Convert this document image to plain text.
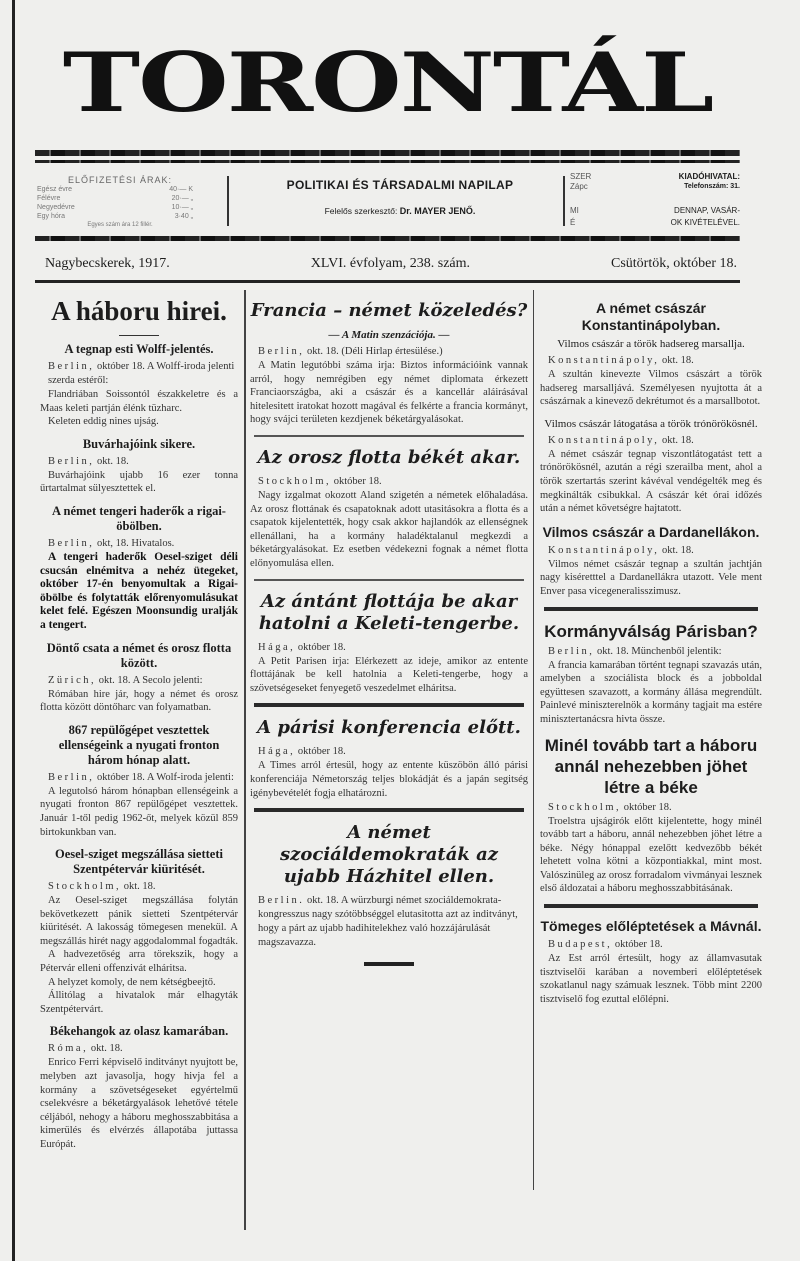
TORONTÁL
ELŐFIZETÉSI ÁRAK:
Egész évre	40·— K
Félévre	20·— „
Negyedévre	10·— „
Egy hóra	3·40 „
Egyes szám ára 12 fillér.
POLITIKAI ÉS TÁRSADALMI NAPILAP
Felelős szerkesztő: Dr. MAYER JENŐ.
SZER
Zápc
MI
É
KIADÓHIVATAL:
Telefonszám: 31.
DENNAP, VASÁR-
OK KIVÉTELÉVEL.
Nagybecskerek, 1917.	XLVI. évfolyam, 238. szám.	Csütörtök, október 18.
A háboru hirei.
A tegnap esti Wolff-jelentés.
Berlin, október 18. A Wolff-iroda jelenti szerda estéről:

Flandriában Soissontól északkeletre és a Maas keleti partján élénk tüzharc.

Keleten eddig nines ujság.

Buvárhajóink sikere.
Berlin, okt. 18.

Buvárhajóink ujabb 16 ezer tonna űrtartalmat sülyesztettek el.

A német tengeri haderők a rigai-öbölben.
Berlin, okt, 18. Hivatalos.

A tengeri haderők Oesel-sziget déli csucsán elnémitva a nehéz ütegeket, október 17-én benyomultak a Rigai-öbölbe és folytatták előrenyomulásukat kelet felé. Egészen Moonsundig uralják a tengert.

Döntő csata a német és orosz flotta között.
Zürich, okt. 18. A Secolo jelenti:

Rómában hire jár, hogy a német és orosz flotta között döntőharc van folyamatban.

867 repülőgépet vesztettek ellenségeink a nyugati fronton három hónap alatt.
Berlin, október 18. A Wolf-iroda jelenti:

A legutolsó három hónapban ellenségeink a nyugati fronton 867 repülőgépet vesztettek. Január 1-től pedig 1962-őt, melyek közül 859 birtokunkban van.

Oesel-sziget megszállása sietteti Szentpétervár kiüritését.
Stockholm, okt. 18.

Az Oesel-sziget megszállása folytán bekövetkezett pánik sietteti Szentpétervár kiüritését. A lakosság tömegesen menekül. A megszállás hirét nagy aggodalommal fogadták.

A hadvezetőség arra törekszik, hogy a Pétervár elleni offenzivát elháritsa.

A helyzet komoly, de nem kétségbeejtő.

Állitólag a hivatalok már elhagyták Szentpétervárt.

Békehangok az olasz kamarában.
Róma, okt. 18.

Enrico Ferri képviselő inditványt nyujtott be, melyben azt javasolja, hogy hivja fel a kormány a szövetségeseket egyértelmű cselekvésre a béketárgyalások lehetővé tétele céljából, nehogy a háboru meghosszabbitása a kimerülés és elvérzés állapotába juttassa Európát.

Francia – német közeledés?
— A Matin szenzációja. —
Berlin, okt. 18. (Déli Hirlap értesülése.)

A Matin legutóbbi száma irja: Biztos információink vannak arról, hogy nemrégiben egy német diplomata érkezett Franciaországba, aki a császár és a kancellár aláirásával hitelesitett iratokat hozott magával és felkérte a francia kormányt, hogy svájci területen kezdjenek béketárgyalásokat.

Az orosz flotta békét akar.
Stockholm, október 18.

Nagy izgalmat okozott Aland szigetén a németek előhaladása. Az orosz flottának és csapatoknak adott utasitásokra a flotta és a csapatok kijelentették, hogy csak akkor hajlandók az ellenségnek ellenállani, ha a kormány haladéktalanul megkezdi a béketárgyalásokat. Ez esetben védekezni fognak a német flotta előnyomulása ellen.

Az ántánt flottája be akar hatolni a Keleti-tengerbe.
Hága, október 18.

A Petit Parisen irja: Elérkezett az ideje, amikor az entente flottájának be kell hatolnia a Keleti-tengerbe, hogy a szövetségeseket fenyegető veszedelmet elháritsa.

A párisi konferencia előtt.
Hága, október 18.

A Times arról értesül, hogy az entente küszöbön álló párisi konferenciája Németország teljes blokádját és a japán segitség igénybevételét fogja elhatározni.

A német szociáldemokraták az ujabb Házhitel ellen.
Berlin. okt. 18. A würzburgi német szociáldemokrata-kongresszus nagy szótöbbséggel elutasitotta azt az inditványt, hogy a párt az ujabb hadihitelekhez való hozzájárulását magszavazza.
A német császár Konstantinápolyban.
Vilmos császár a török hadsereg marsallja.
Konstantinápoly, okt. 18.

A szultán kinevezte Vilmos császárt a török hadsereg marsalljává. Személyesen nyujtotta át a császárnak a kinevező dekrétumot és a marsallbotot.

Vilmos császár látogatása a török trónörökösnél.
Konstantinápoly, okt. 18.

A német császár tegnap viszontlátogatást tett a trónörökösnél, azután a régi szerailba ment, ahol a török szertartás szerint kávéval vendégelték meg és megkinálták csibukkal. A császár két órai időzés után a német követségre hajtatott.

Vilmos császár a Dardanellákon.
Konstantinápoly, okt. 18.

Vilmos német császár tegnap a szultán jachtján nagy kiséretttel a Dardanellákra utazott. Vele ment Enver pasa vicegeneralisszimusz.

Kormányválság Párisban?
Berlin, okt. 18. Münchenből jelentik:

A francia kamarában történt tegnapi szavazás után, amelyben a szociálista block és a jobboldal együttesen szavazott, a kormány állása megrendült. Painlevé miniszterelnök a kormány tagjait ma estére minisztertanácsra hivta össze.

Minél tovább tart a háboru annál nehezebben jöhet létre a béke
Stockholm, október 18.

Troelstra ujságirók előtt kijelentette, hogy minél tovább tart a háboru, annál nehezebben jöhet létre a béke. Négy hónappal ezelőtt kedvezőbb békét lehetett volna kötni a központiakkal, mint most. Valószinüleg az orosz forradalom vivmányai lesznek első áldozatai a háboru meghosszabbitásának.

Tömeges előléptetések a Mávnál.
Budapest, október 18.

Az Est arról értesült, hogy az államvasutak tisztviselői karában a novemberi előléptetések szokatlanul nagy számuak lesznek. Több mint 2200 tisztviselő fog ezuttal előlépni.
